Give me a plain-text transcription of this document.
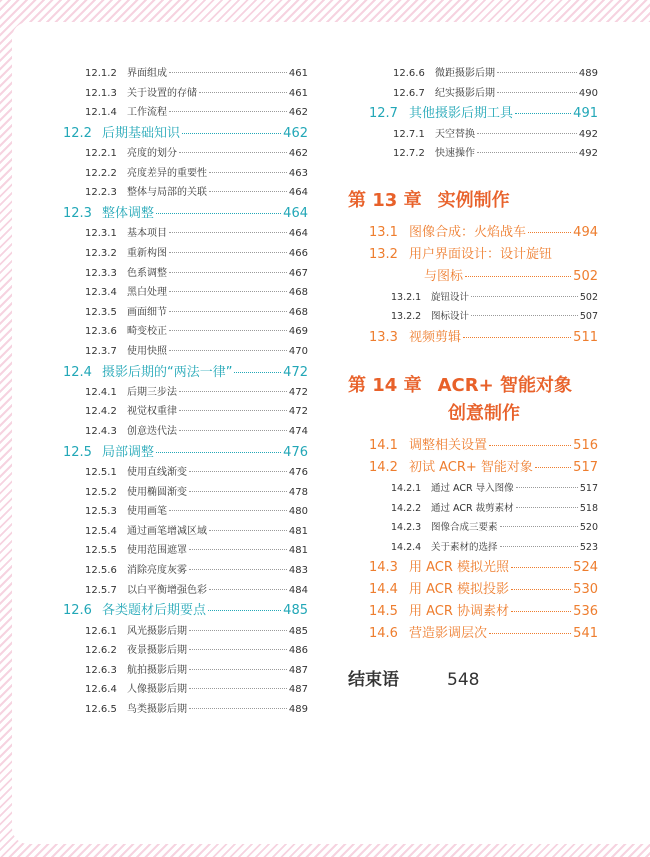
12.1.2	界面组成	461
12.1.3	关于设置的存储	461
12.1.4	工作流程	462
12.2 后期基础知识	462
12.2.1	亮度的划分	462
12.2.2	亮度差异的重要性	463
12.2.3	整体与局部的关联	464
12.3 整体调整	464
12.3.1	基本项目	464
12.3.2	重新构图	466
12.3.3	色系调整	467
12.3.4	黑白处理	468
12.3.5	画面细节	468
12.3.6	畸变校正	469
12.3.7	使用快照	470
12.4 摄影后期的“两法一律”	472
12.4.1	后期三步法	472
12.4.2	视觉权重律	472
12.4.3	创意迭代法	474
12.5 局部调整	476
12.5.1	使用直线渐变	476
12.5.2	使用椭圆渐变	478
12.5.3	使用画笔	480
12.5.4	通过画笔增减区域	481
12.5.5	使用范围遮罩	481
12.5.6	消除亮度灰雾	483
12.5.7	以白平衡增强色彩	484
12.6 各类题材后期要点	485
12.6.1	风光摄影后期	485
12.6.2	夜景摄影后期	486
12.6.3	航拍摄影后期	487
12.6.4	人像摄影后期	487
12.6.5	鸟类摄影后期	489
12.6.6	微距摄影后期	489
12.6.7	纪实摄影后期	490
12.7 其他摄影后期工具	491
12.7.1	天空替换	492
12.7.2	快速操作	492
第 13 章 实例制作
13.1 图像合成：火焰战车	494
13.2 用户界面设计：设计旋钮
与图标	502
13.2.1	旋钮设计	502
13.2.2	图标设计	507
13.3 视频剪辑	511
第 14 章 ACR+ 智能对象
创意制作
14.1 调整相关设置	516
14.2 初试 ACR+ 智能对象	517
14.2.1	通过 ACR 导入图像	517
14.2.2	通过 ACR 裁剪素材	518
14.2.3	图像合成三要素	520
14.2.4	关于素材的选择	523
14.3 用 ACR 模拟光照	524
14.4 用 ACR 模拟投影	530
14.5 用 ACR 协调素材	536
14.6 营造影调层次	541
结束语	548
